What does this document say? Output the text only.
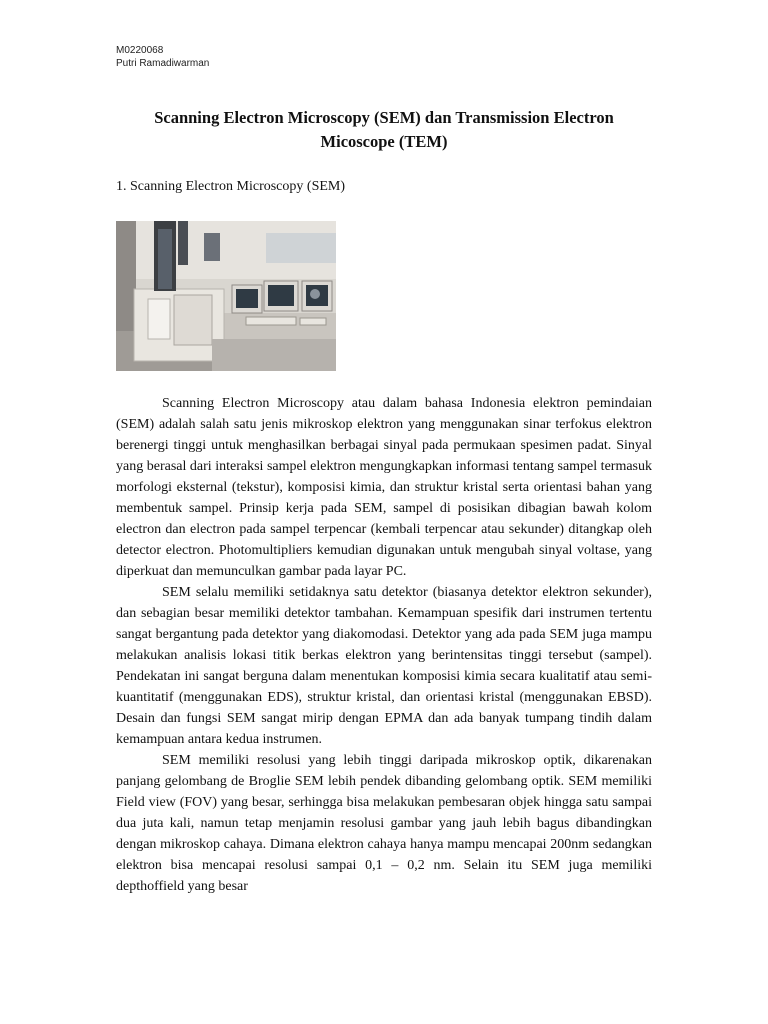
M0220068
Putri Ramadiwarman
Scanning Electron Microscopy (SEM) dan Transmission Electron Micoscope (TEM)
1. Scanning Electron Microscopy (SEM)

Scanning Electron Microscopy atau dalam bahasa Indonesia elektron pemindaian (SEM) adalah salah satu jenis mikroskop elektron yang menggunakan sinar terfokus elektron berenergi tinggi untuk menghasilkan berbagai sinyal pada permukaan spesimen padat. Sinyal yang berasal dari interaksi sampel elektron mengungkapkan informasi tentang sampel termasuk morfologi eksternal (tekstur), komposisi kimia, dan struktur kristal serta orientasi bahan yang membentuk sampel. Prinsip kerja pada SEM, sampel di posisikan dibagian bawah kolom electron dan electron pada sampel terpencar (kembali terpencar atau sekunder) ditangkap oleh detector electron. Photomultipliers kemudian digunakan untuk mengubah sinyal voltase, yang diperkuat dan memunculkan gambar pada layar PC.

SEM selalu memiliki setidaknya satu detektor (biasanya detektor elektron sekunder), dan sebagian besar memiliki detektor tambahan. Kemampuan spesifik dari instrumen tertentu sangat bergantung pada detektor yang diakomodasi. Detektor yang ada pada SEM juga mampu melakukan analisis lokasi titik berkas elektron yang berintensitas tinggi tersebut (sampel). Pendekatan ini sangat berguna dalam menentukan komposisi kimia secara kualitatif atau semi-kuantitatif (menggunakan EDS), struktur kristal, dan orientasi kristal (menggunakan EBSD). Desain dan fungsi SEM sangat mirip dengan EPMA dan ada banyak tumpang tindih dalam kemampuan antara kedua instrumen.

SEM memiliki resolusi yang lebih tinggi daripada mikroskop optik, dikarenakan panjang gelombang de Broglie SEM lebih pendek dibanding gelombang optik. SEM memiliki Field view (FOV) yang besar, serhingga bisa melakukan pembesaran objek hingga satu sampai dua juta kali, namun tetap menjamin resolusi gambar yang jauh lebih bagus dibandingkan dengan mikroskop cahaya. Dimana elektron cahaya hanya mampu mencapai 200nm sedangkan elektron bisa mencapai resolusi sampai 0,1 – 0,2 nm. Selain itu SEM juga memiliki depthoffield yang besar
